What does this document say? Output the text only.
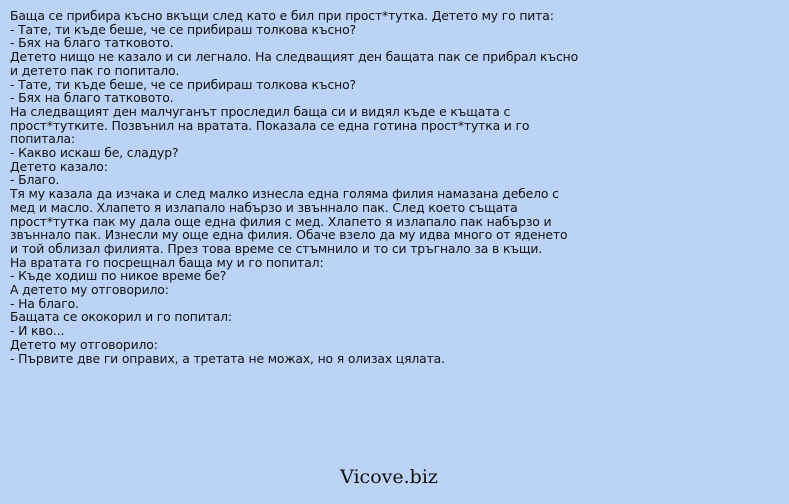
Баща се прибира късно вкъщи след като е бил при прост*тутка. Детето му го пита:
- Тате, ти къде беше, че се прибираш толкова късно?
- Бях на благо татковото.
Детето нищо не казало и си легнало. На следващият ден бащата пак се прибрал късно
и детето пак го попитало.
- Тате, ти къде беше, че се прибираш толкова късно?
- Бях на благо татковото.
На следващият ден малчуганът проследил баща си и видял къде е къщата с
прост*тутките. Позвънил на вратата. Показала се една готина прост*тутка и го
попитала:
- Какво искаш бе, сладур?
Детето казало:
- Благо.
Тя му казала да изчака и след малко изнесла една голяма филия намазана дебело с
мед и масло. Хлапето я излапало набързо и звъннало пак. След което същата
прост*тутка пак му дала още една филия с мед. Хлапето я излапало пак набързо и
звъннало пак. Изнесли му още една филия. Обаче взело да му идва много от яденето
и той облизал филията. През това време се стъмнило и то си тръгнало за в къщи.
На вратата го посрещнал баща му и го попитал:
- Къде ходиш по никое време бе?
А детето му отговорило:
- На благо.
Бащата се ококорил и го попитал:
- И кво...
Детето му отговорило:
- Първите две ги оправих, а третата не можах, но я олизах цялата.
Vicove.biz
